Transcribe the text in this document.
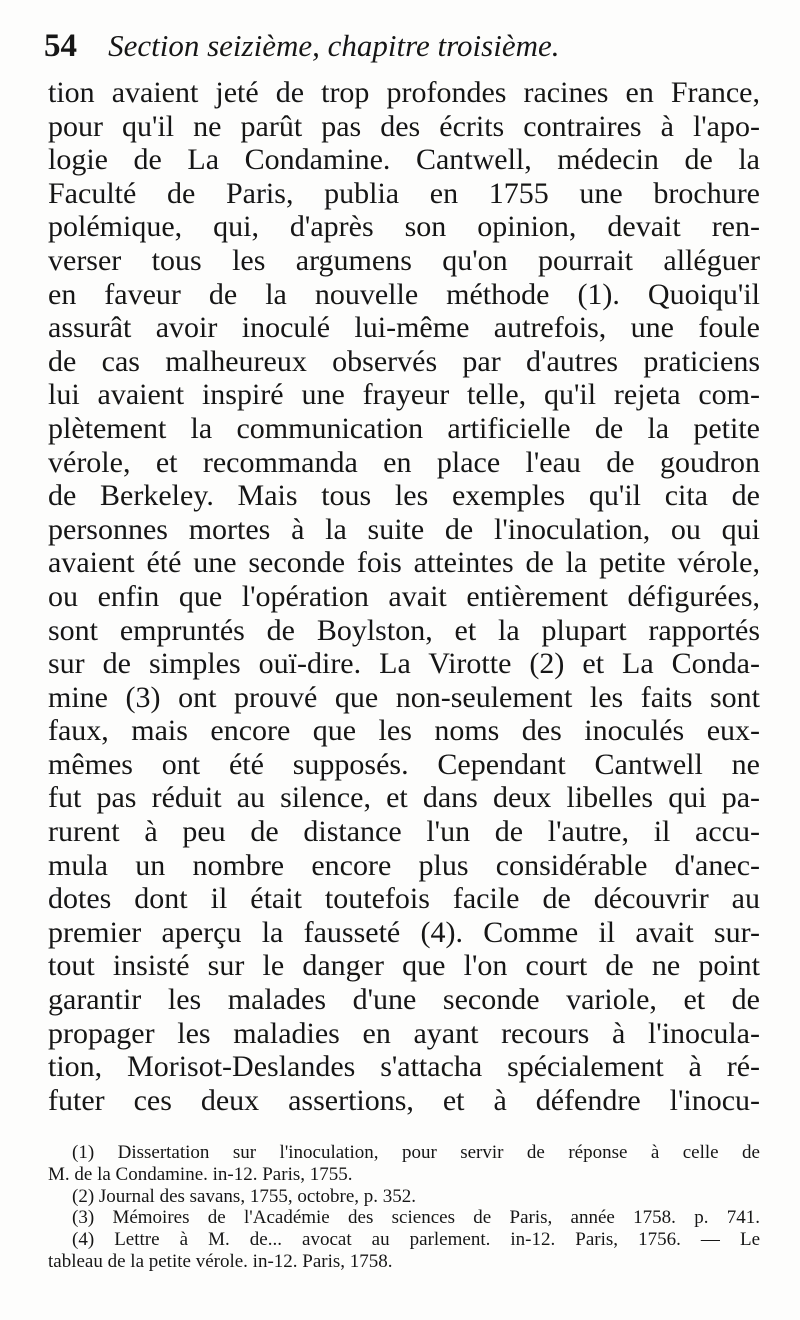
54 Section seizième, chapitre troisième.
tion avaient jeté de trop profondes racines en France,
pour qu'il ne parût pas des écrits contraires à l'apo-
logie de La Condamine. Cantwell, médecin de la
Faculté de Paris, publia en 1755 une brochure
polémique, qui, d'après son opinion, devait ren-
verser tous les argumens qu'on pourrait alléguer
en faveur de la nouvelle méthode (1). Quoiqu'il
assurât avoir inoculé lui-même autrefois, une foule
de cas malheureux observés par d'autres praticiens
lui avaient inspiré une frayeur telle, qu'il rejeta com-
plètement la communication artificielle de la petite
vérole, et recommanda en place l'eau de goudron
de Berkeley. Mais tous les exemples qu'il cita de
personnes mortes à la suite de l'inoculation, ou qui
avaient été une seconde fois atteintes de la petite vérole,
ou enfin que l'opération avait entièrement défigurées,
sont empruntés de Boylston, et la plupart rapportés
sur de simples ouï-dire. La Virotte (2) et La Conda-
mine (3) ont prouvé que non-seulement les faits sont
faux, mais encore que les noms des inoculés eux-
mêmes ont été supposés. Cependant Cantwell ne
fut pas réduit au silence, et dans deux libelles qui pa-
rurent à peu de distance l'un de l'autre, il accu-
mula un nombre encore plus considérable d'anec-
dotes dont il était toutefois facile de découvrir au
premier aperçu la fausseté (4). Comme il avait sur-
tout insisté sur le danger que l'on court de ne point
garantir les malades d'une seconde variole, et de
propager les maladies en ayant recours à l'inocula-
tion, Morisot-Deslandes s'attacha spécialement à ré-
futer ces deux assertions, et à défendre l'inocu-
(1) Dissertation sur l'inoculation, pour servir de réponse à celle de
M. de la Condamine. in-12. Paris, 1755.
(2) Journal des savans, 1755, octobre, p. 352.
(3) Mémoires de l'Académie des sciences de Paris, année 1758. p. 741.
(4) Lettre à M. de... avocat au parlement. in-12. Paris, 1756. — Le
tableau de la petite vérole. in-12. Paris, 1758.
